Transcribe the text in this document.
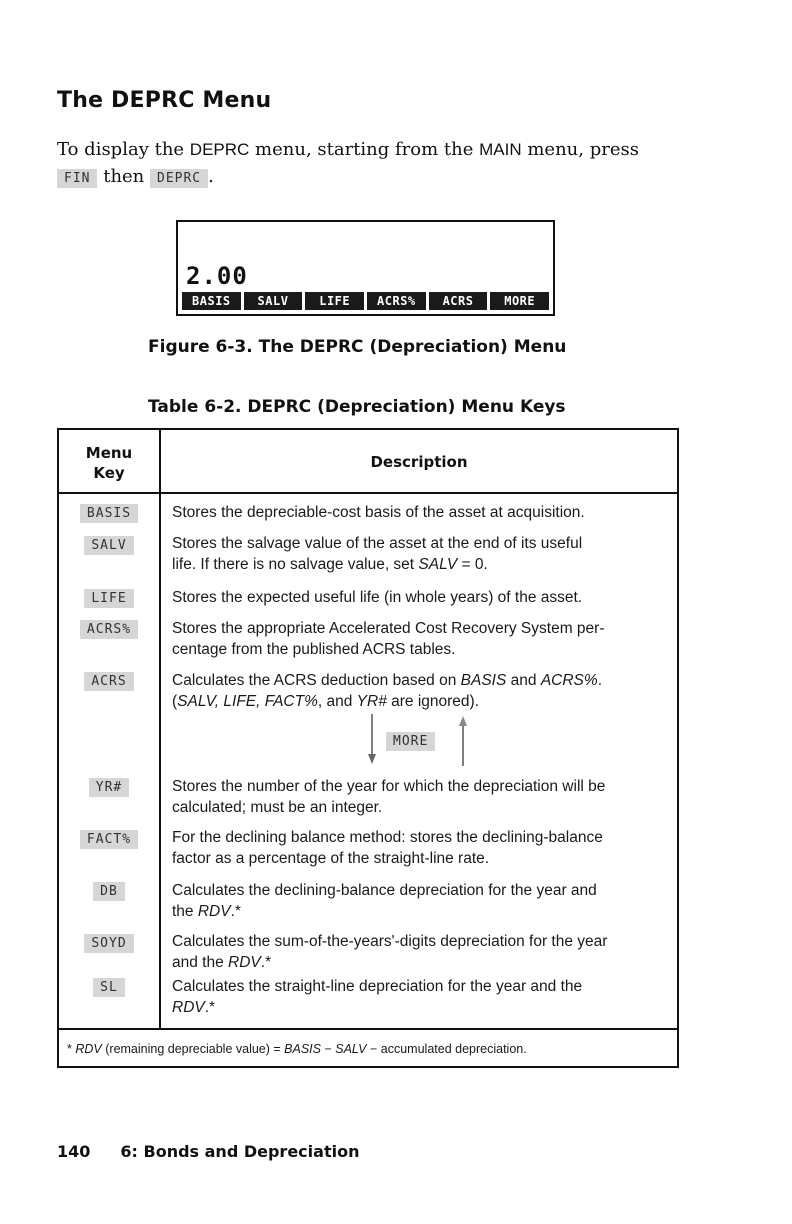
The DEPRC Menu
To display the DEPRC menu, starting from the MAIN menu, press
FIN then DEPRC .
2.00
BASIS	SALV	LIFE	ACRS%	ACRS	MORE
Figure 6-3. The DEPRC (Depreciation) Menu
Table 6-2. DEPRC (Depreciation) Menu Keys
Menu
Key
Description
BASIS	Stores the depreciable-cost basis of the asset at acquisition.
SALV	Stores the salvage value of the asset at the end of its useful
life. If there is no salvage value, set SALV = 0.
LIFE	Stores the expected useful life (in whole years) of the asset.
ACRS%	Stores the appropriate Accelerated Cost Recovery System per-
centage from the published ACRS tables.
ACRS	Calculates the ACRS deduction based on BASIS and ACRS%.
(SALV, LIFE, FACT%, and YR# are ignored).
MORE
YR#	Stores the number of the year for which the depreciation will be
calculated; must be an integer.
FACT%	For the declining balance method: stores the declining-balance
factor as a percentage of the straight-line rate.
DB	Calculates the declining-balance depreciation for the year and
the RDV.*
SOYD	Calculates the sum-of-the-years'-digits depreciation for the year
and the RDV.*
* RDV (remaining depreciable value) = BASIS − SALV − accumulated depreciation.
SL	Calculates the straight-line depreciation for the year and the
RDV.*
140 6: Bonds and Depreciation
